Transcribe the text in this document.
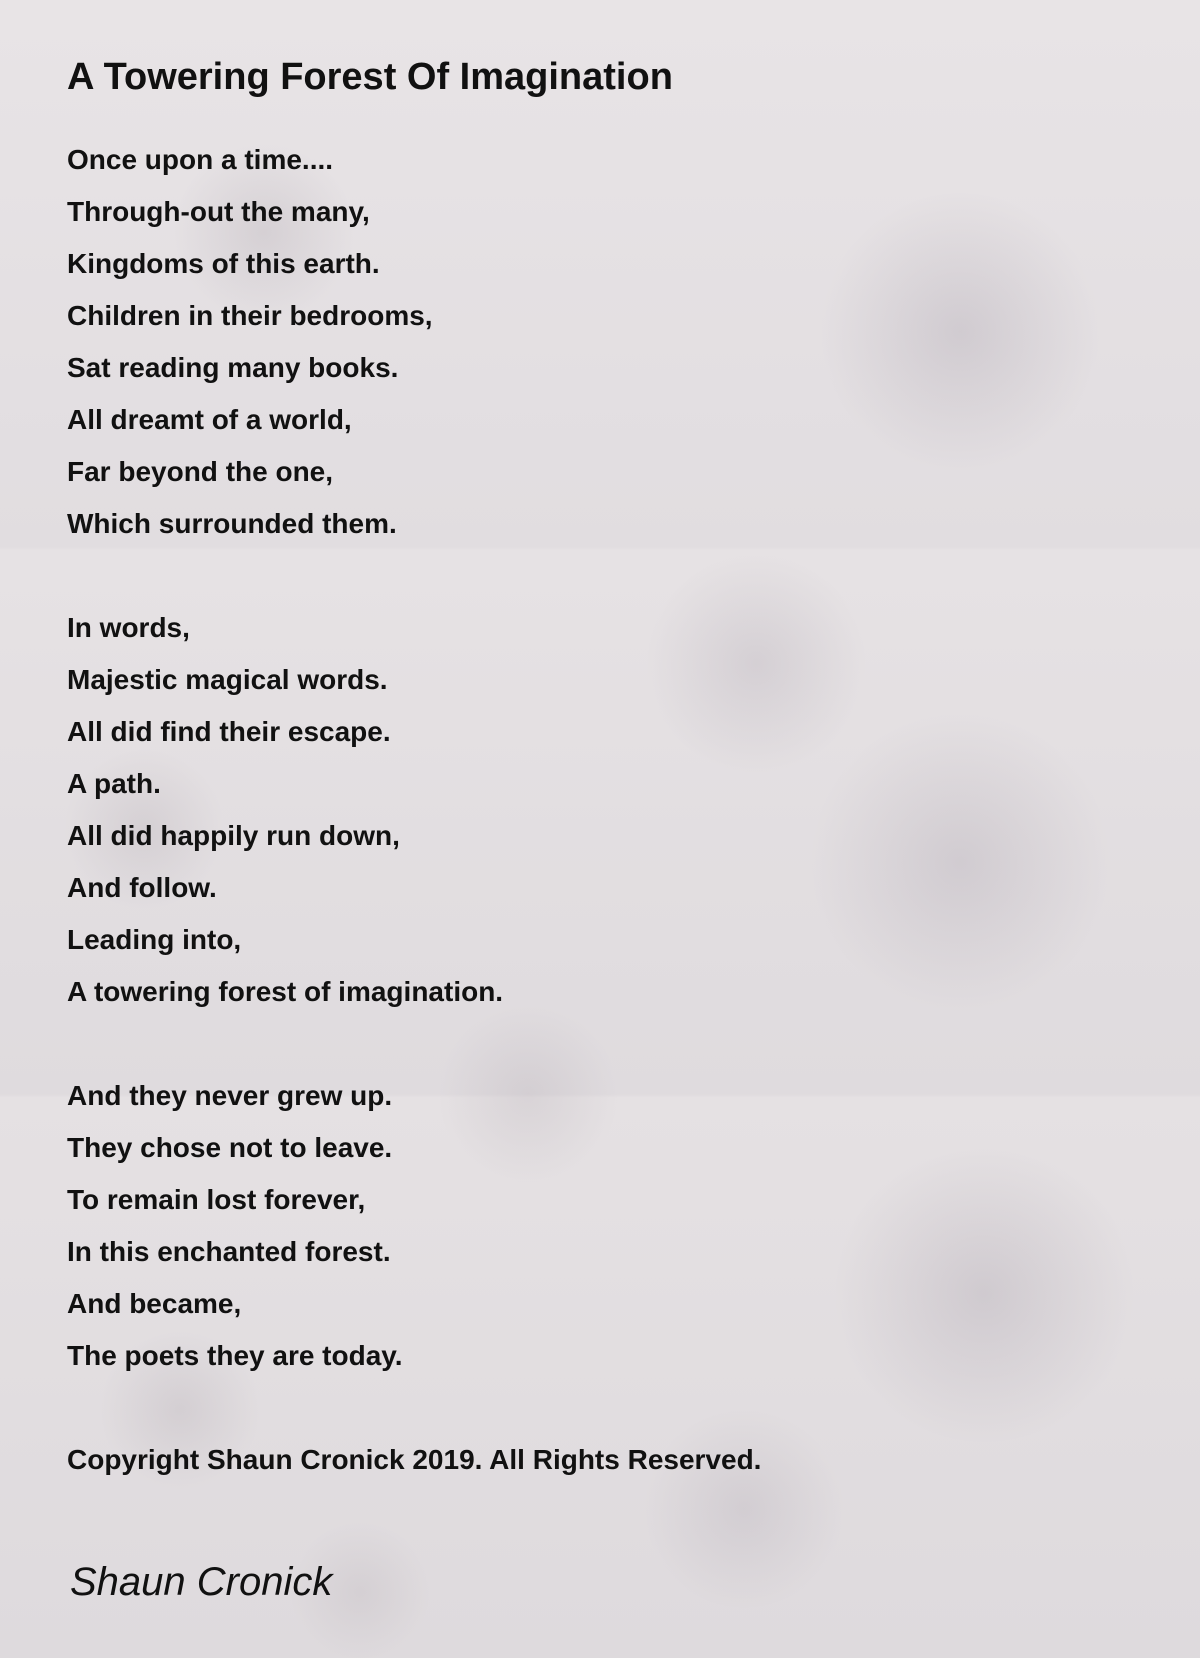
A Towering Forest Of Imagination
Once upon a time....
Through-out the many,
Kingdoms of this earth.
Children in their bedrooms,
Sat reading many books.
All dreamt of a world,
Far beyond the one,
Which surrounded them.
In words,
Majestic magical words.
All did find their escape.
A path.
All did happily run down,
And follow.
Leading into,
A towering forest of imagination.
And they never grew up.
They chose not to leave.
To remain lost forever,
In this enchanted forest.
And became,
The poets they are today.

Copyright Shaun Cronick 2019. All Rights Reserved.

Shaun Cronick
